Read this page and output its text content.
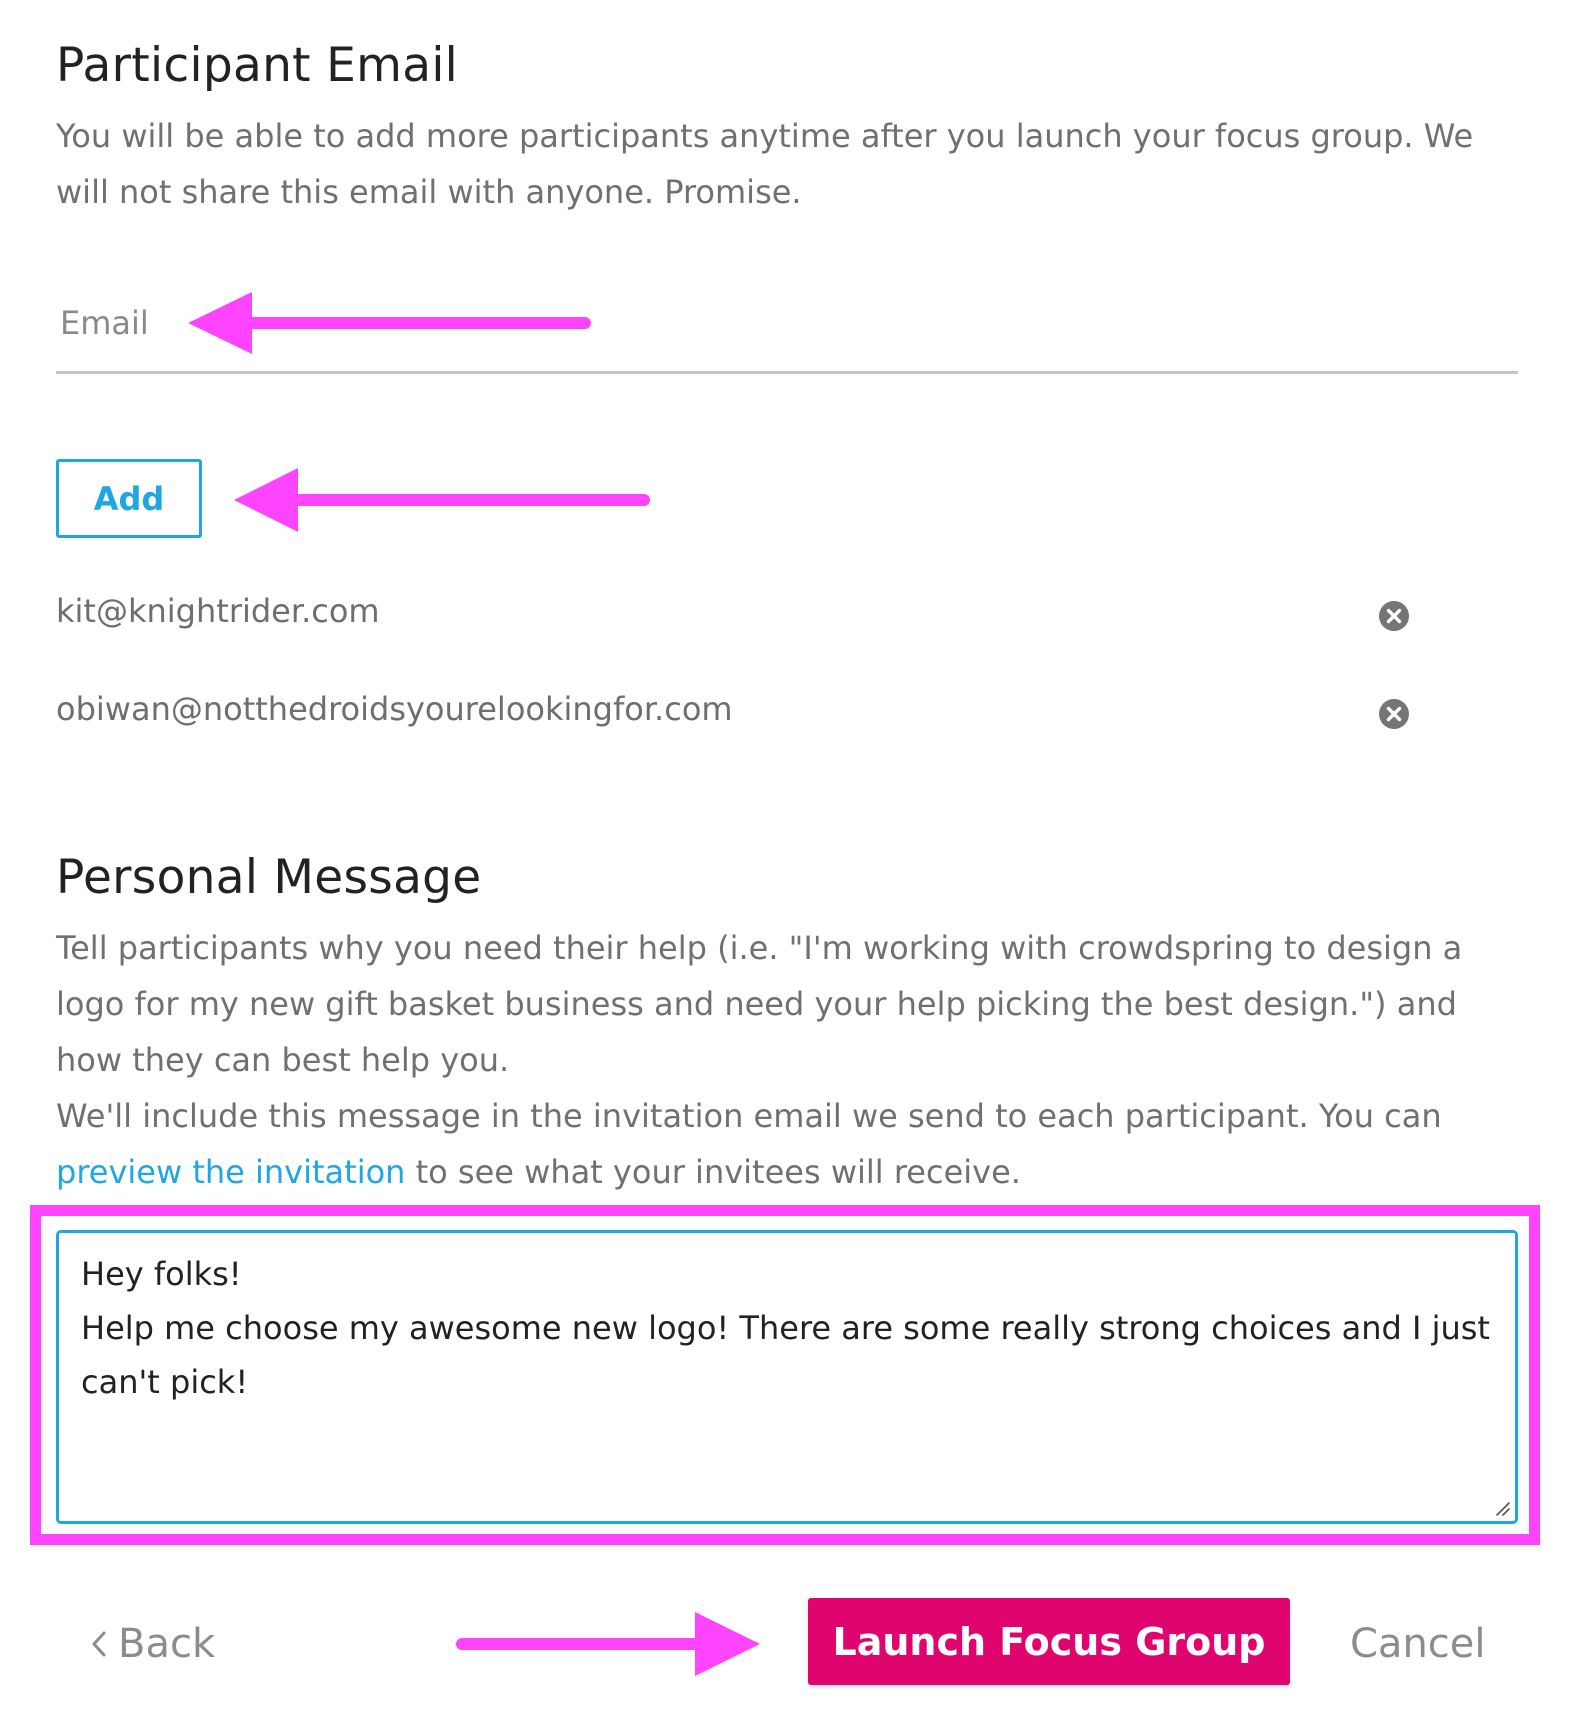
Participant Email

You will be able to add more participants anytime after you launch your focus group. We will not share this email with anyone. Promise.

Email
Add
kit@knightrider.com
obiwan@notthedroidsyourelookingfor.com
Personal Message

Tell participants why you need their help (i.e. "I'm working with crowdspring to design a logo for my new gift basket business and need your help picking the best design.") and how they can best help you.

We'll include this message in the invitation email we send to each participant. You can preview the invitation to see what your invitees will receive.

Hey folks!

Help me choose my awesome new logo! There are some really strong choices and I just can't pick!

Back	Launch Focus Group	Cancel
